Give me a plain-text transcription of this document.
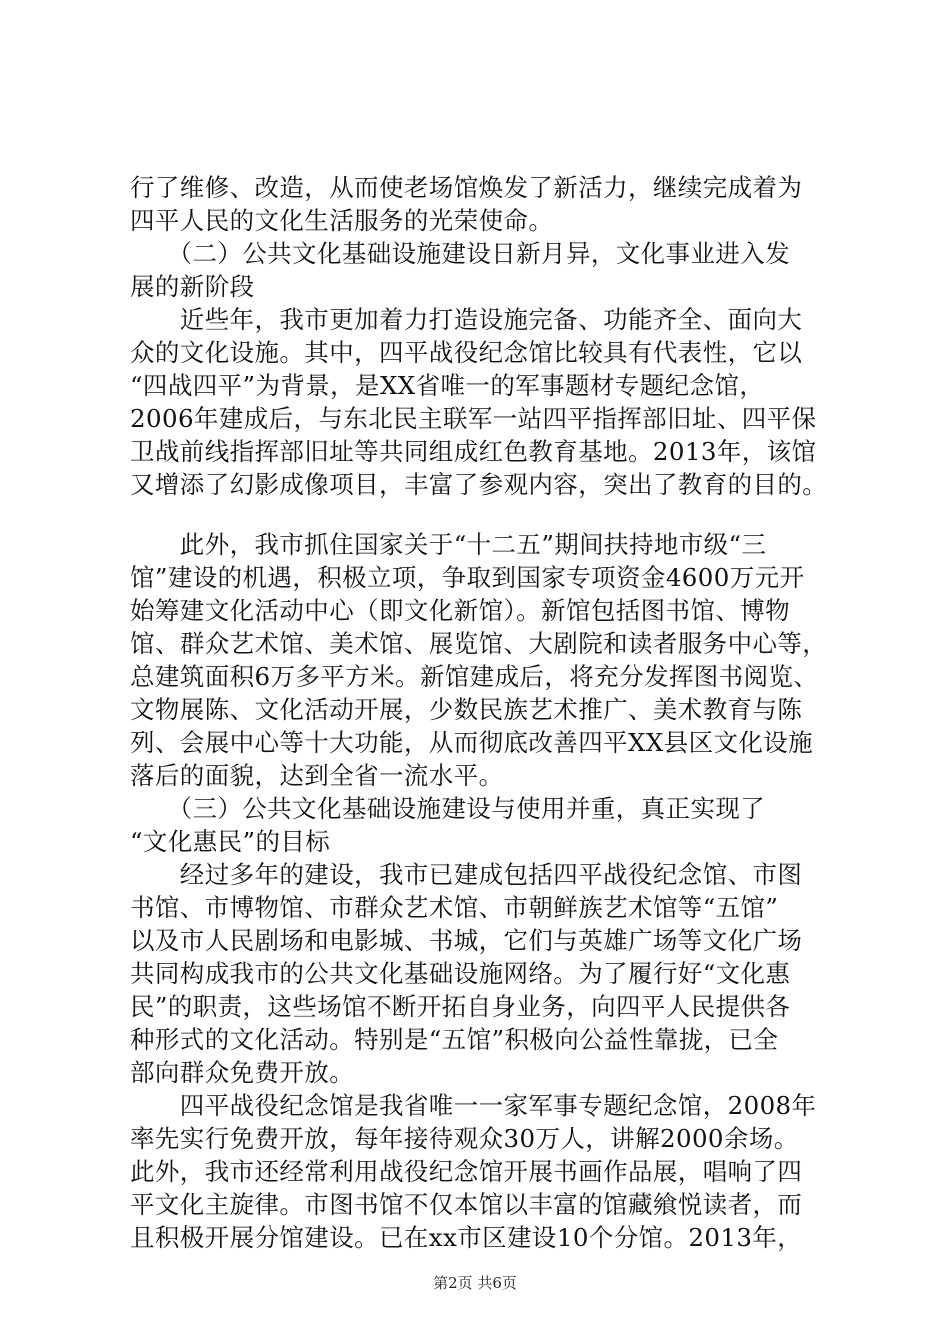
行了维修、改造，从而使老场馆焕发了新活力，继续完成着为
四平人民的文化生活服务的光荣使命。
　　（二）公共文化基础设施建设日新月异，文化事业进入发
展的新阶段
　　近些年，我市更加着力打造设施完备、功能齐全、面向大
众的文化设施。其中，四平战役纪念馆比较具有代表性，它以
“四战四平”为背景，是XX省唯一的军事题材专题纪念馆，
2006年建成后，与东北民主联军一站四平指挥部旧址、四平保
卫战前线指挥部旧址等共同组成红色教育基地。2013年，该馆
又增添了幻影成像项目，丰富了参观内容，突出了教育的目的。
　　此外，我市抓住国家关于“十二五”期间扶持地市级“三
馆”建设的机遇，积极立项，争取到国家专项资金4600万元开
始筹建文化活动中心（即文化新馆）。新馆包括图书馆、博物
馆、群众艺术馆、美术馆、展览馆、大剧院和读者服务中心等，
总建筑面积6万多平方米。新馆建成后，将充分发挥图书阅览、
文物展陈、文化活动开展，少数民族艺术推广、美术教育与陈
列、会展中心等十大功能，从而彻底改善四平XX县区文化设施
落后的面貌，达到全省一流水平。
　　（三）公共文化基础设施建设与使用并重，真正实现了
“文化惠民”的目标
　　经过多年的建设，我市已建成包括四平战役纪念馆、市图
书馆、市博物馆、市群众艺术馆、市朝鲜族艺术馆等“五馆”
以及市人民剧场和电影城、书城，它们与英雄广场等文化广场
共同构成我市的公共文化基础设施网络。为了履行好“文化惠
民”的职责，这些场馆不断开拓自身业务，向四平人民提供各
种形式的文化活动。特别是“五馆”积极向公益性靠拢，已全
部向群众免费开放。
　　四平战役纪念馆是我省唯一一家军事专题纪念馆，2008年
率先实行免费开放，每年接待观众30万人，讲解2000余场。
此外，我市还经常利用战役纪念馆开展书画作品展，唱响了四
平文化主旋律。市图书馆不仅本馆以丰富的馆藏飨悦读者，而
且积极开展分馆建设。已在xx市区建设10个分馆。2013年，
第2页 共6页
